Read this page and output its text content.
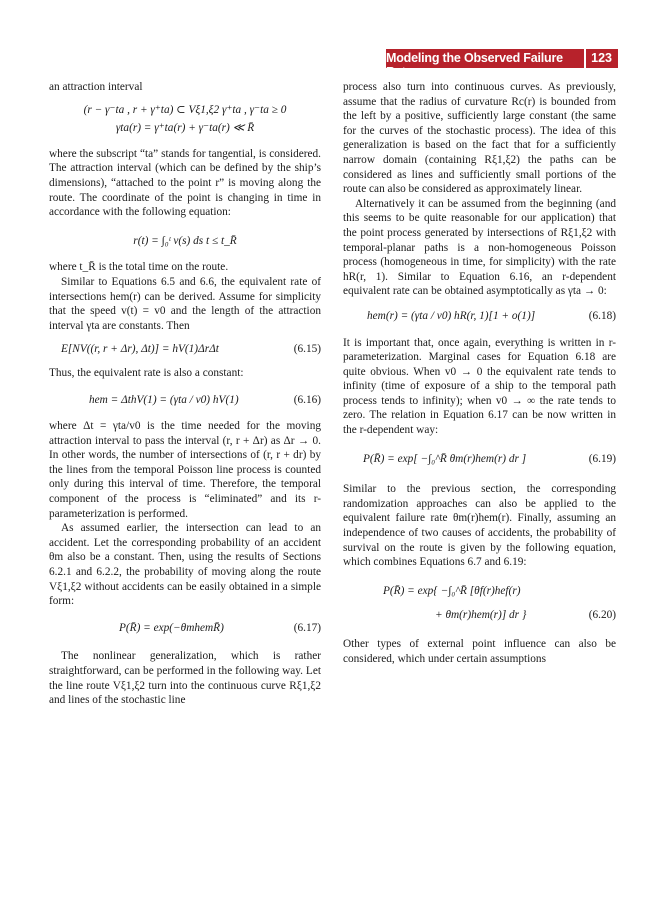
Modeling the Observed Failure Rate
123

an attraction interval

(r − γ⁻ta , r + γ⁺ta) ⊂ Vξ1,ξ2 γ⁺ta , γ⁻ta ≥ 0
γta(r) = γ⁺ta(r) + γ⁻ta(r) ≪ R̄

where the subscript “ta” stands for tangential, is considered. The attraction interval (which can be defined by the ship’s dimensions), “attached to the point r” is moving along the route. The coordinate of the point is changing in time in accordance with the following equation:

r(t) = ∫₀ᵗ v(s) ds t ≤ t_R̄

where t_R̄ is the total time on the route.

Similar to Equations 6.5 and 6.6, the equivalent rate of intersections hem(r) can be derived. Assume for simplicity that the speed v(t) = v0 and the length of the attraction interval γta are constants. Then

E[NV((r, r + Δr), Δt)] = hV(1)ΔrΔt	(6.15)

Thus, the equivalent rate is also a constant:

hem = ΔthV(1) = (γta / v0) hV(1)	(6.16)

where Δt = γta/v0 is the time needed for the moving attraction interval to pass the interval (r, r + Δr) as Δr → 0. In other words, the number of intersections of (r, r + dr) by the lines from the temporal Poisson line process is counted only during this interval of time. Therefore, the temporal component of the process is “eliminated” and its r-parameterization is performed.

As assumed earlier, the intersection can lead to an accident. Let the corresponding probability of an accident θm also be a constant. Then, using the results of Sections 6.2.1 and 6.2.2, the probability of moving along the route Vξ1,ξ2 without accidents can be easily obtained in a simple form:

P(R̄) = exp(−θmhemR̄)	(6.17)

The nonlinear generalization, which is rather straightforward, can be performed in the following way. Let the line route Vξ1,ξ2 turn into the continuous curve Rξ1,ξ2 and lines of the stochastic line

process also turn into continuous curves. As previously, assume that the radius of curvature Rc(r) is bounded from the left by a positive, sufficiently large constant (the same for the curves of the stochastic process). The idea of this generalization is based on the fact that for a sufficiently narrow domain (containing Rξ1,ξ2) the paths can be considered as lines and sufficiently small portions of the route can also be considered as approximately linear.

Alternatively it can be assumed from the beginning (and this seems to be quite reasonable for our application) that the point process generated by intersections of Rξ1,ξ2 with temporal-planar paths is a non-homogeneous Poisson process (homogeneous in time, for simplicity) with the rate hR(r, 1). Similar to Equation 6.16, an r-dependent equivalent rate can be obtained asymptotically as γta → 0:

hem(r) = (γta / v0) hR(r, 1)[1 + o(1)]	(6.18)

It is important that, once again, everything is written in r-parameterization. Marginal cases for Equation 6.18 are quite obvious. When v0 → 0 the equivalent rate tends to infinity (time of exposure of a ship to the temporal path process tends to infinity); when v0 → ∞ the rate tends to zero. The relation in Equation 6.17 can be now written in the r-dependent way:

P(R̄) = exp[ −∫₀^R̄ θm(r)hem(r) dr ]	(6.19)

Similar to the previous section, the corresponding randomization approaches can also be applied to the equivalent failure rate θm(r)hem(r). Finally, assuming an independence of two causes of accidents, the probability of survival on the route is given by the following equation, which combines Equations 6.7 and 6.19:

P(R̄) = exp{ −∫₀^R̄ [θf(r)hef(r)
+ θm(r)hem(r)] dr }	(6.20)

Other types of external point influence can also be considered, which under certain assumptions
